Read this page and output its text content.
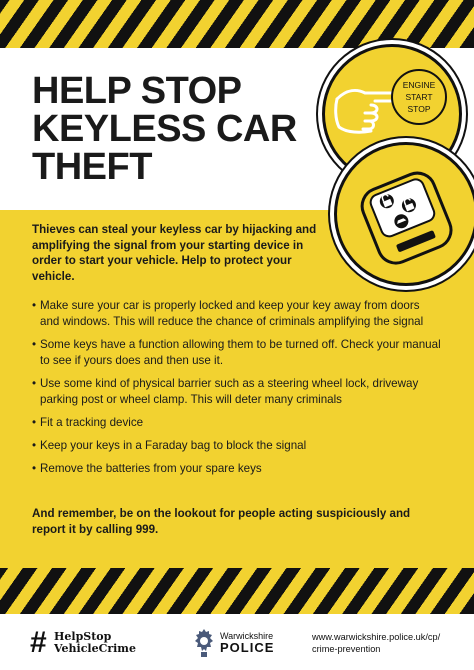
HELP STOP
KEYLESS CAR
THEFT
ENGINE
START
STOP

Thieves can steal your keyless car by hijacking and amplifying the signal from your starting device in order to start your vehicle. Help to protect your vehicle.

• Make sure your car is properly locked and keep your key away from doors and windows. This will reduce the chance of criminals amplifying the signal
• Some keys have a function allowing them to be turned off. Check your manual to see if yours does and then use it.
• Use some kind of physical barrier such as a steering wheel lock, driveway parking post or wheel clamp. This will deter many criminals
• Fit a tracking device
• Keep your keys in a Faraday bag to block the signal
• Remove the batteries from your spare keys

And remember, be on the lookout for people acting suspiciously and report it by calling 999.

# HelpStop
VehicleCrime
Warwickshire
POLICE
www.warwickshire.police.uk/cp/
crime-prevention
